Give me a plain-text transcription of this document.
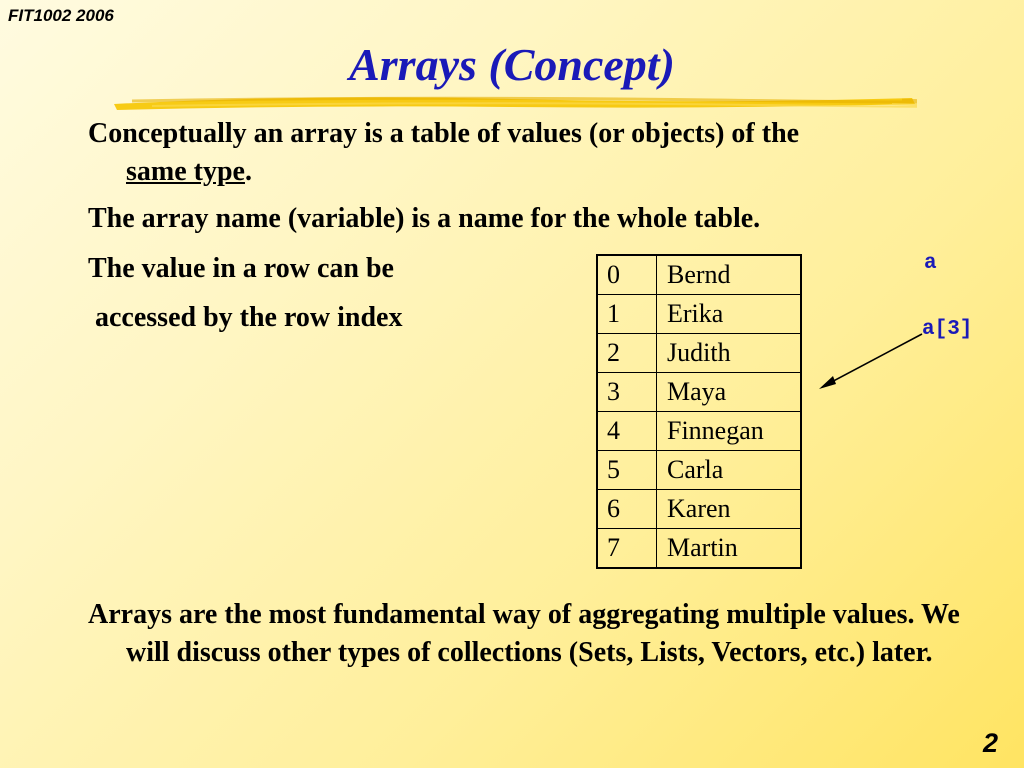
FIT1002 2006
Arrays (Concept)

Conceptually an array is a table of values (or objects) of the
same type.

The array name (variable) is a name for the whole table.

The value in a row can be

accessed by the row index

0	Bernd
1	Erika
2	Judith
3	Maya
4	Finnegan
5	Carla
6	Karen
7	Martin
a
a[3]

Arrays are the most fundamental way of aggregating multiple values. We will discuss other types of collections (Sets, Lists, Vectors, etc.) later.

2
